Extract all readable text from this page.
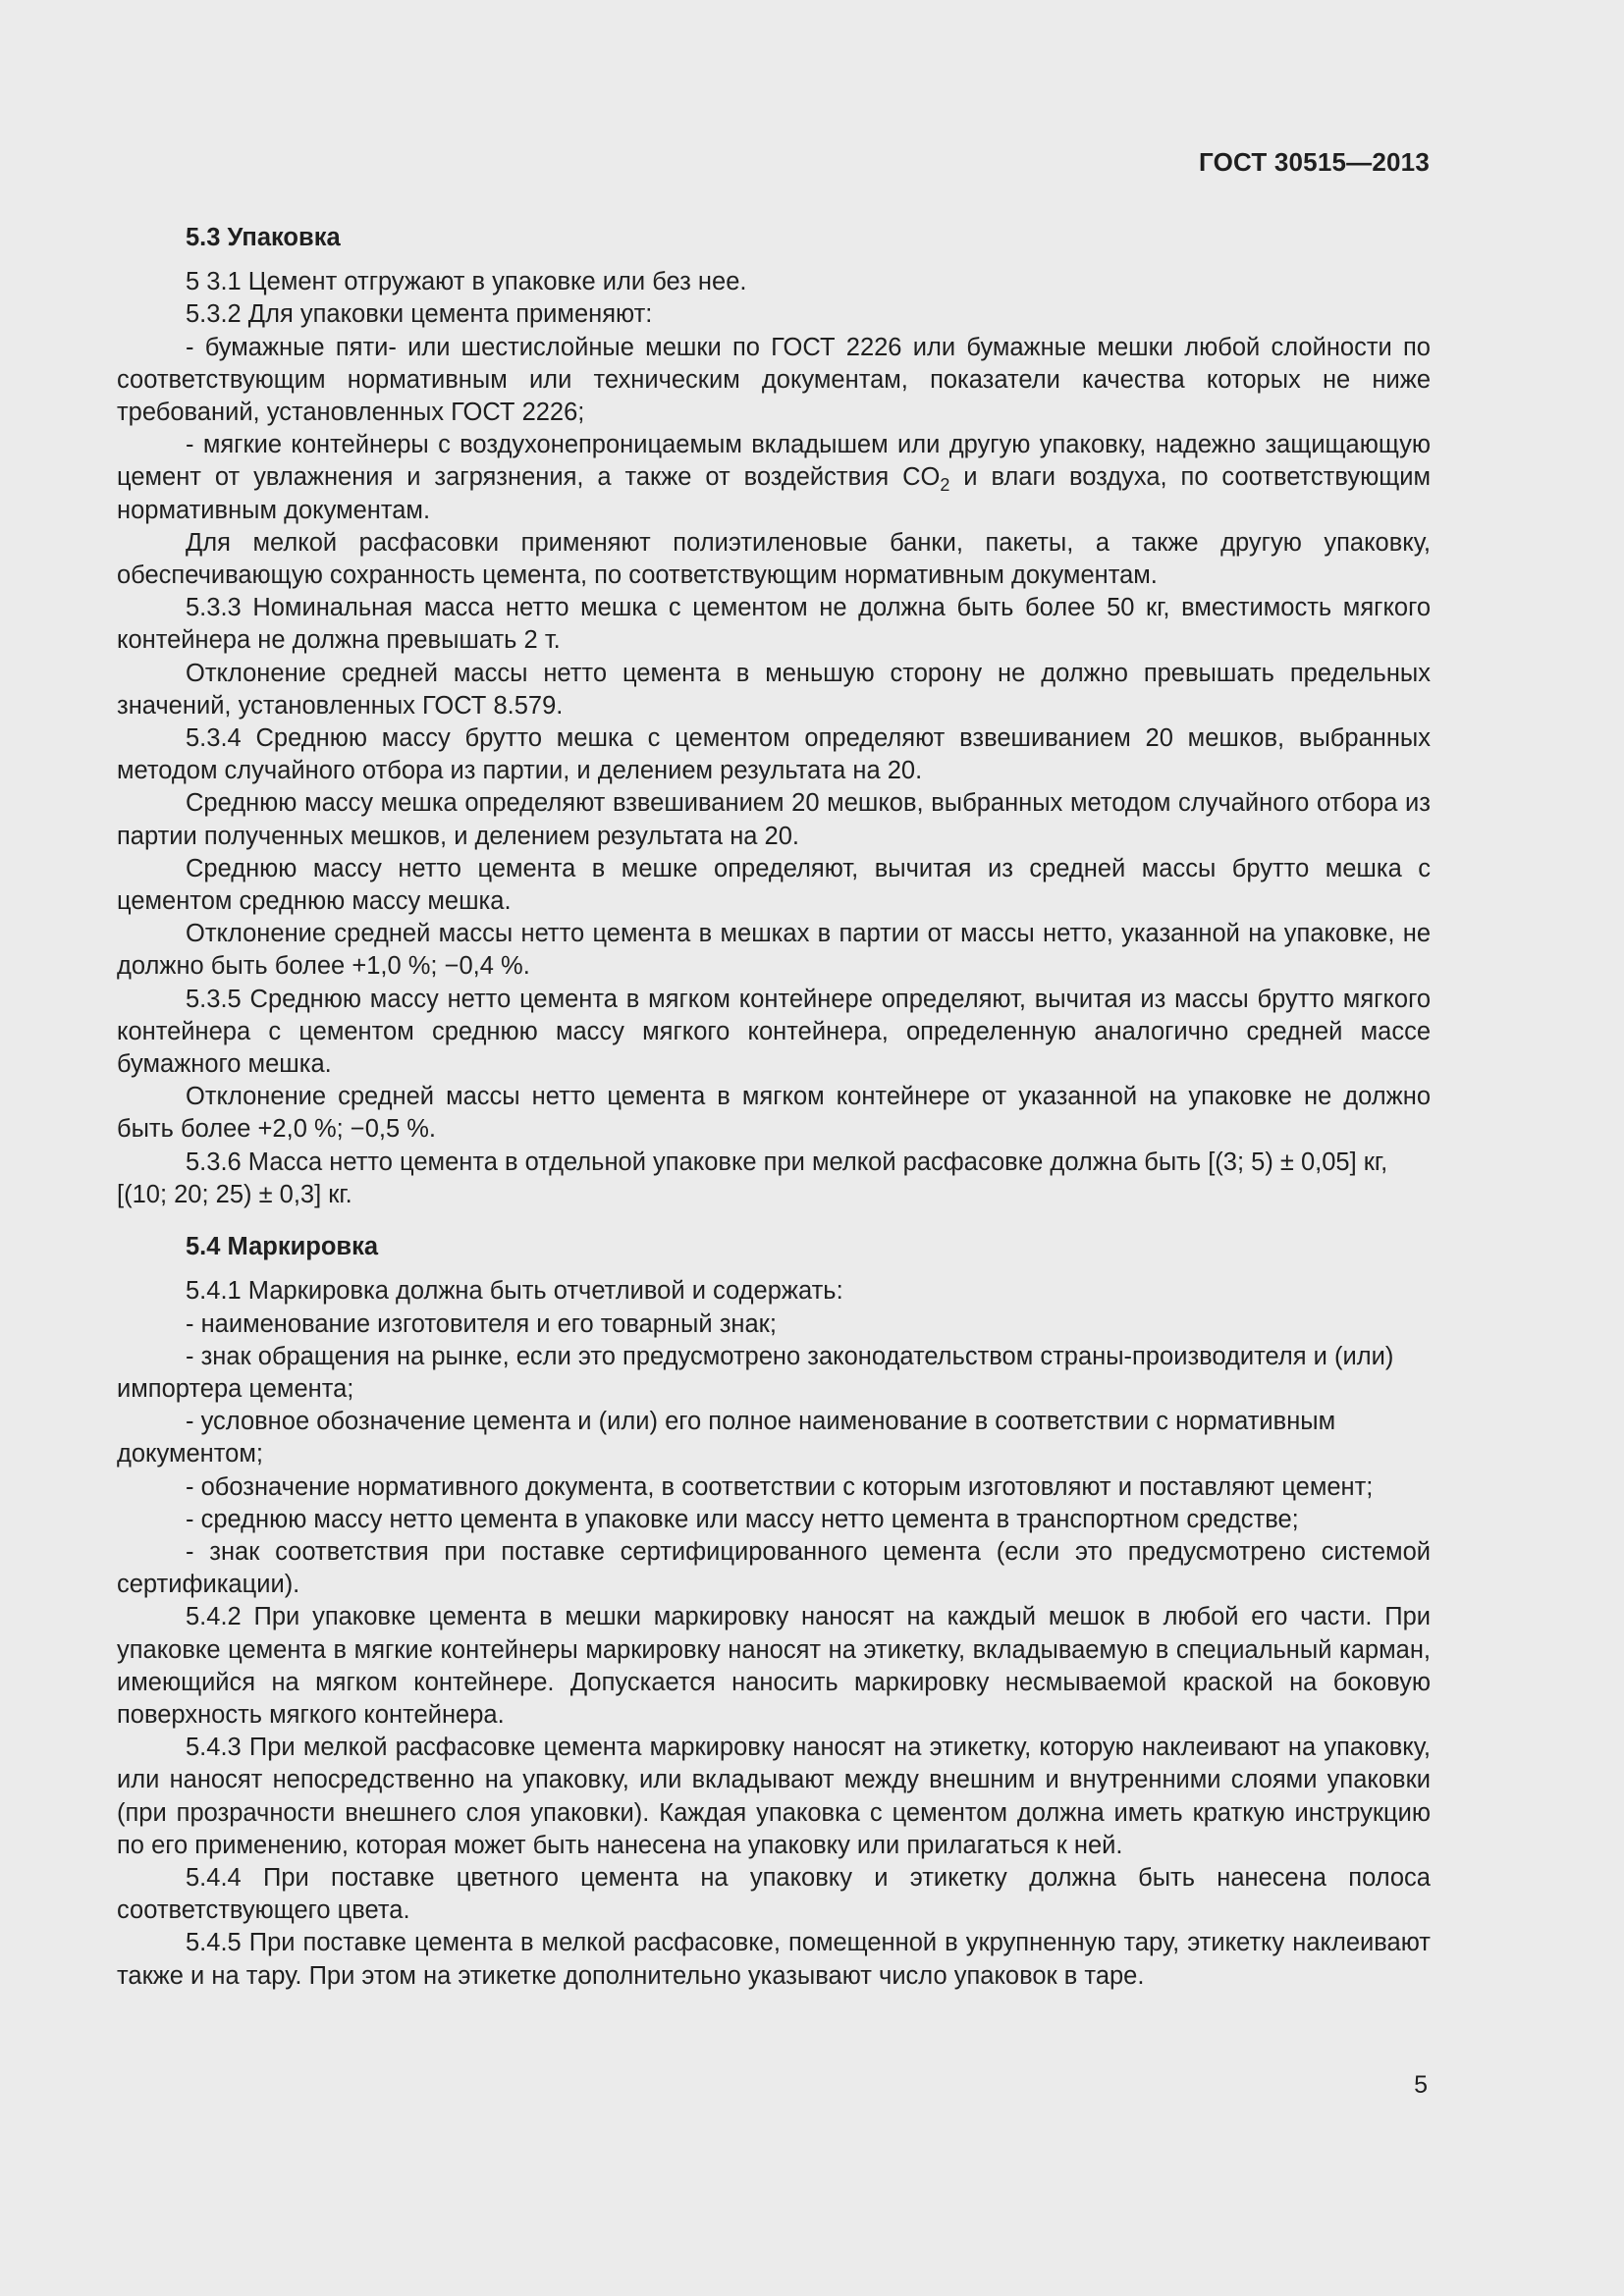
ГОСТ 30515—2013

5.3 Упаковка

5 3.1 Цемент отгружают в упаковке или без нее.

5.3.2 Для упаковки цемента применяют:

- бумажные пяти- или шестислойные мешки по ГОСТ 2226 или бумажные мешки любой слойности по соответствующим нормативным или техническим документам, показатели качества которых не ниже требований, установленных ГОСТ 2226;

- мягкие контейнеры с воздухонепроницаемым вкладышем или другую упаковку, надежно защищающую цемент от увлажнения и загрязнения, а также от воздействия $CO_2$ и влаги воздуха, по соответствующим нормативным документам.

Для мелкой расфасовки применяют полиэтиленовые банки, пакеты, а также другую упаковку, обеспечивающую сохранность цемента, по соответствующим нормативным документам.

5.3.3 Номинальная масса нетто мешка с цементом не должна быть более 50 кг, вместимость мягкого контейнера не должна превышать 2 т.

Отклонение средней массы нетто цемента в меньшую сторону не должно превышать предельных значений, установленных ГОСТ 8.579.

5.3.4 Среднюю массу брутто мешка с цементом определяют взвешиванием 20 мешков, выбранных методом случайного отбора из партии, и делением результата на 20.

Среднюю массу мешка определяют взвешиванием 20 мешков, выбранных методом случайного отбора из партии полученных мешков, и делением результата на 20.

Среднюю массу нетто цемента в мешке определяют, вычитая из средней массы брутто мешка с цементом среднюю массу мешка.

Отклонение средней массы нетто цемента в мешках в партии от массы нетто, указанной на упаковке, не должно быть более +1,0 %; −0,4 %.

5.3.5 Среднюю массу нетто цемента в мягком контейнере определяют, вычитая из массы брутто мягкого контейнера с цементом среднюю массу мягкого контейнера, определенную аналогично средней массе бумажного мешка.

Отклонение средней массы нетто цемента в мягком контейнере от указанной на упаковке не должно быть более +2,0 %; −0,5 %.

5.3.6 Масса нетто цемента в отдельной упаковке при мелкой расфасовке должна быть [(3; 5) ± 0,05] кг, [(10; 20; 25) ± 0,3] кг.

5.4 Маркировка

5.4.1 Маркировка должна быть отчетливой и содержать:

- наименование изготовителя и его товарный знак;

- знак обращения на рынке, если это предусмотрено законодательством страны-производителя и (или) импортера цемента;

- условное обозначение цемента и (или) его полное наименование в соответствии с нормативным документом;

- обозначение нормативного документа, в соответствии с которым изготовляют и поставляют цемент;

- среднюю массу нетто цемента в упаковке или массу нетто цемента в транспортном средстве;

- знак соответствия при поставке сертифицированного цемента (если это предусмотрено системой сертификации).

5.4.2 При упаковке цемента в мешки маркировку наносят на каждый мешок в любой его части. При упаковке цемента в мягкие контейнеры маркировку наносят на этикетку, вкладываемую в специальный карман, имеющийся на мягком контейнере. Допускается наносить маркировку несмываемой краской на боковую поверхность мягкого контейнера.

5.4.3 При мелкой расфасовке цемента маркировку наносят на этикетку, которую наклеивают на упаковку, или наносят непосредственно на упаковку, или вкладывают между внешним и внутренними слоями упаковки (при прозрачности внешнего слоя упаковки). Каждая упаковка с цементом должна иметь краткую инструкцию по его применению, которая может быть нанесена на упаковку или прилагаться к ней.

5.4.4 При поставке цветного цемента на упаковку и этикетку должна быть нанесена полоса соответствующего цвета.

5.4.5 При поставке цемента в мелкой расфасовке, помещенной в укрупненную тару, этикетку наклеивают также и на тару. При этом на этикетке дополнительно указывают число упаковок в таре.

5
